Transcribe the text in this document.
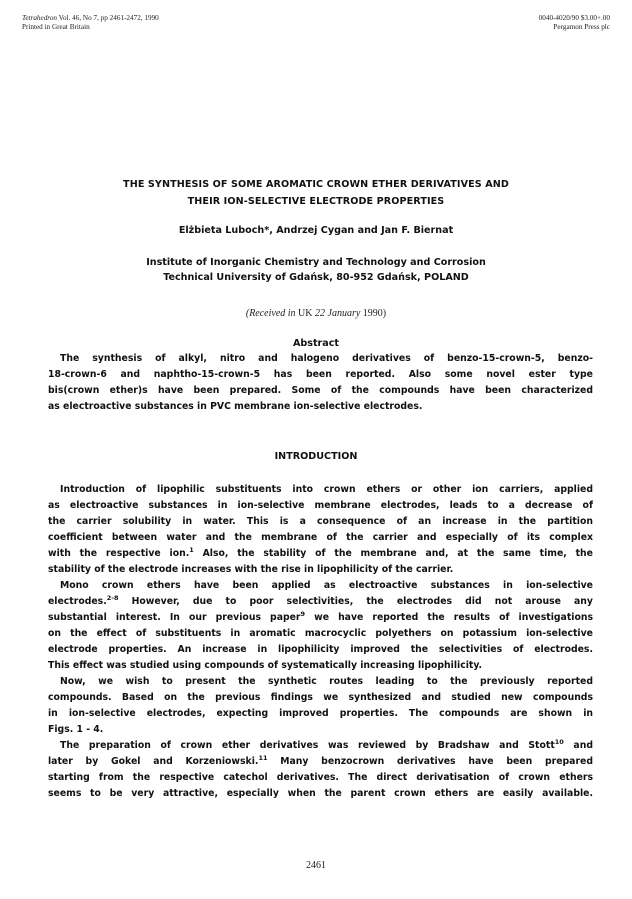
Tetrahedron Vol. 46, No 7, pp 2461-2472, 1990
Printed in Great Britain
0040-4020/90 $3.00+.00
Pergamon Press plc
THE SYNTHESIS OF SOME AROMATIC CROWN ETHER DERIVATIVES AND
THEIR ION-SELECTIVE ELECTRODE PROPERTIES
Elżbieta Luboch*, Andrzej Cygan and Jan F. Biernat
Institute of Inorganic Chemistry and Technology and Corrosion
Technical University of Gdańsk, 80-952 Gdańsk, POLAND
(Received in UK 22 January 1990)
Abstract
The synthesis of alkyl, nitro and halogeno derivatives of benzo-15-crown-5, benzo-
18-crown-6 and naphtho-15-crown-5 has been reported. Also some novel ester type
bis(crown ether)s have been prepared. Some of the compounds have been characterized
as electroactive substances in PVC membrane ion-selective electrodes.
INTRODUCTION
Introduction of lipophilic substituents into crown ethers or other ion carriers, applied
as electroactive substances in ion-selective membrane electrodes, leads to a decrease of
the carrier solubility in water. This is a consequence of an increase in the partition
coefficient between water and the membrane of the carrier and especially of its complex
with the respective ion.$^1$ Also, the stability of the membrane and, at the same time, the
stability of the electrode increases with the rise in lipophilicity of the carrier.
Mono crown ethers have been applied as electroactive substances in ion-selective
electrodes.$^{2-8}$ However, due to poor selectivities, the electrodes did not arouse any
substantial interest. In our previous paper$^9$ we have reported the results of investigations
on the effect of substituents in aromatic macrocyclic polyethers on potassium ion-selective
electrode properties. An increase in lipophilicity improved the selectivities of electrodes.
This effect was studied using compounds of systematically increasing lipophilicity.
Now, we wish to present the synthetic routes leading to the previously reported
compounds. Based on the previous findings we synthesized and studied new compounds
in ion-selective electrodes, expecting improved properties. The compounds are shown in
Figs. 1 - 4.
The preparation of crown ether derivatives was reviewed by Bradshaw and Stott$^{10}$ and
later by Gokel and Korzeniowski.$^{11}$ Many benzocrown derivatives have been prepared
starting from the respective catechol derivatives. The direct derivatisation of crown ethers
seems to be very attractive, especially when the parent crown ethers are easily available.
2461
